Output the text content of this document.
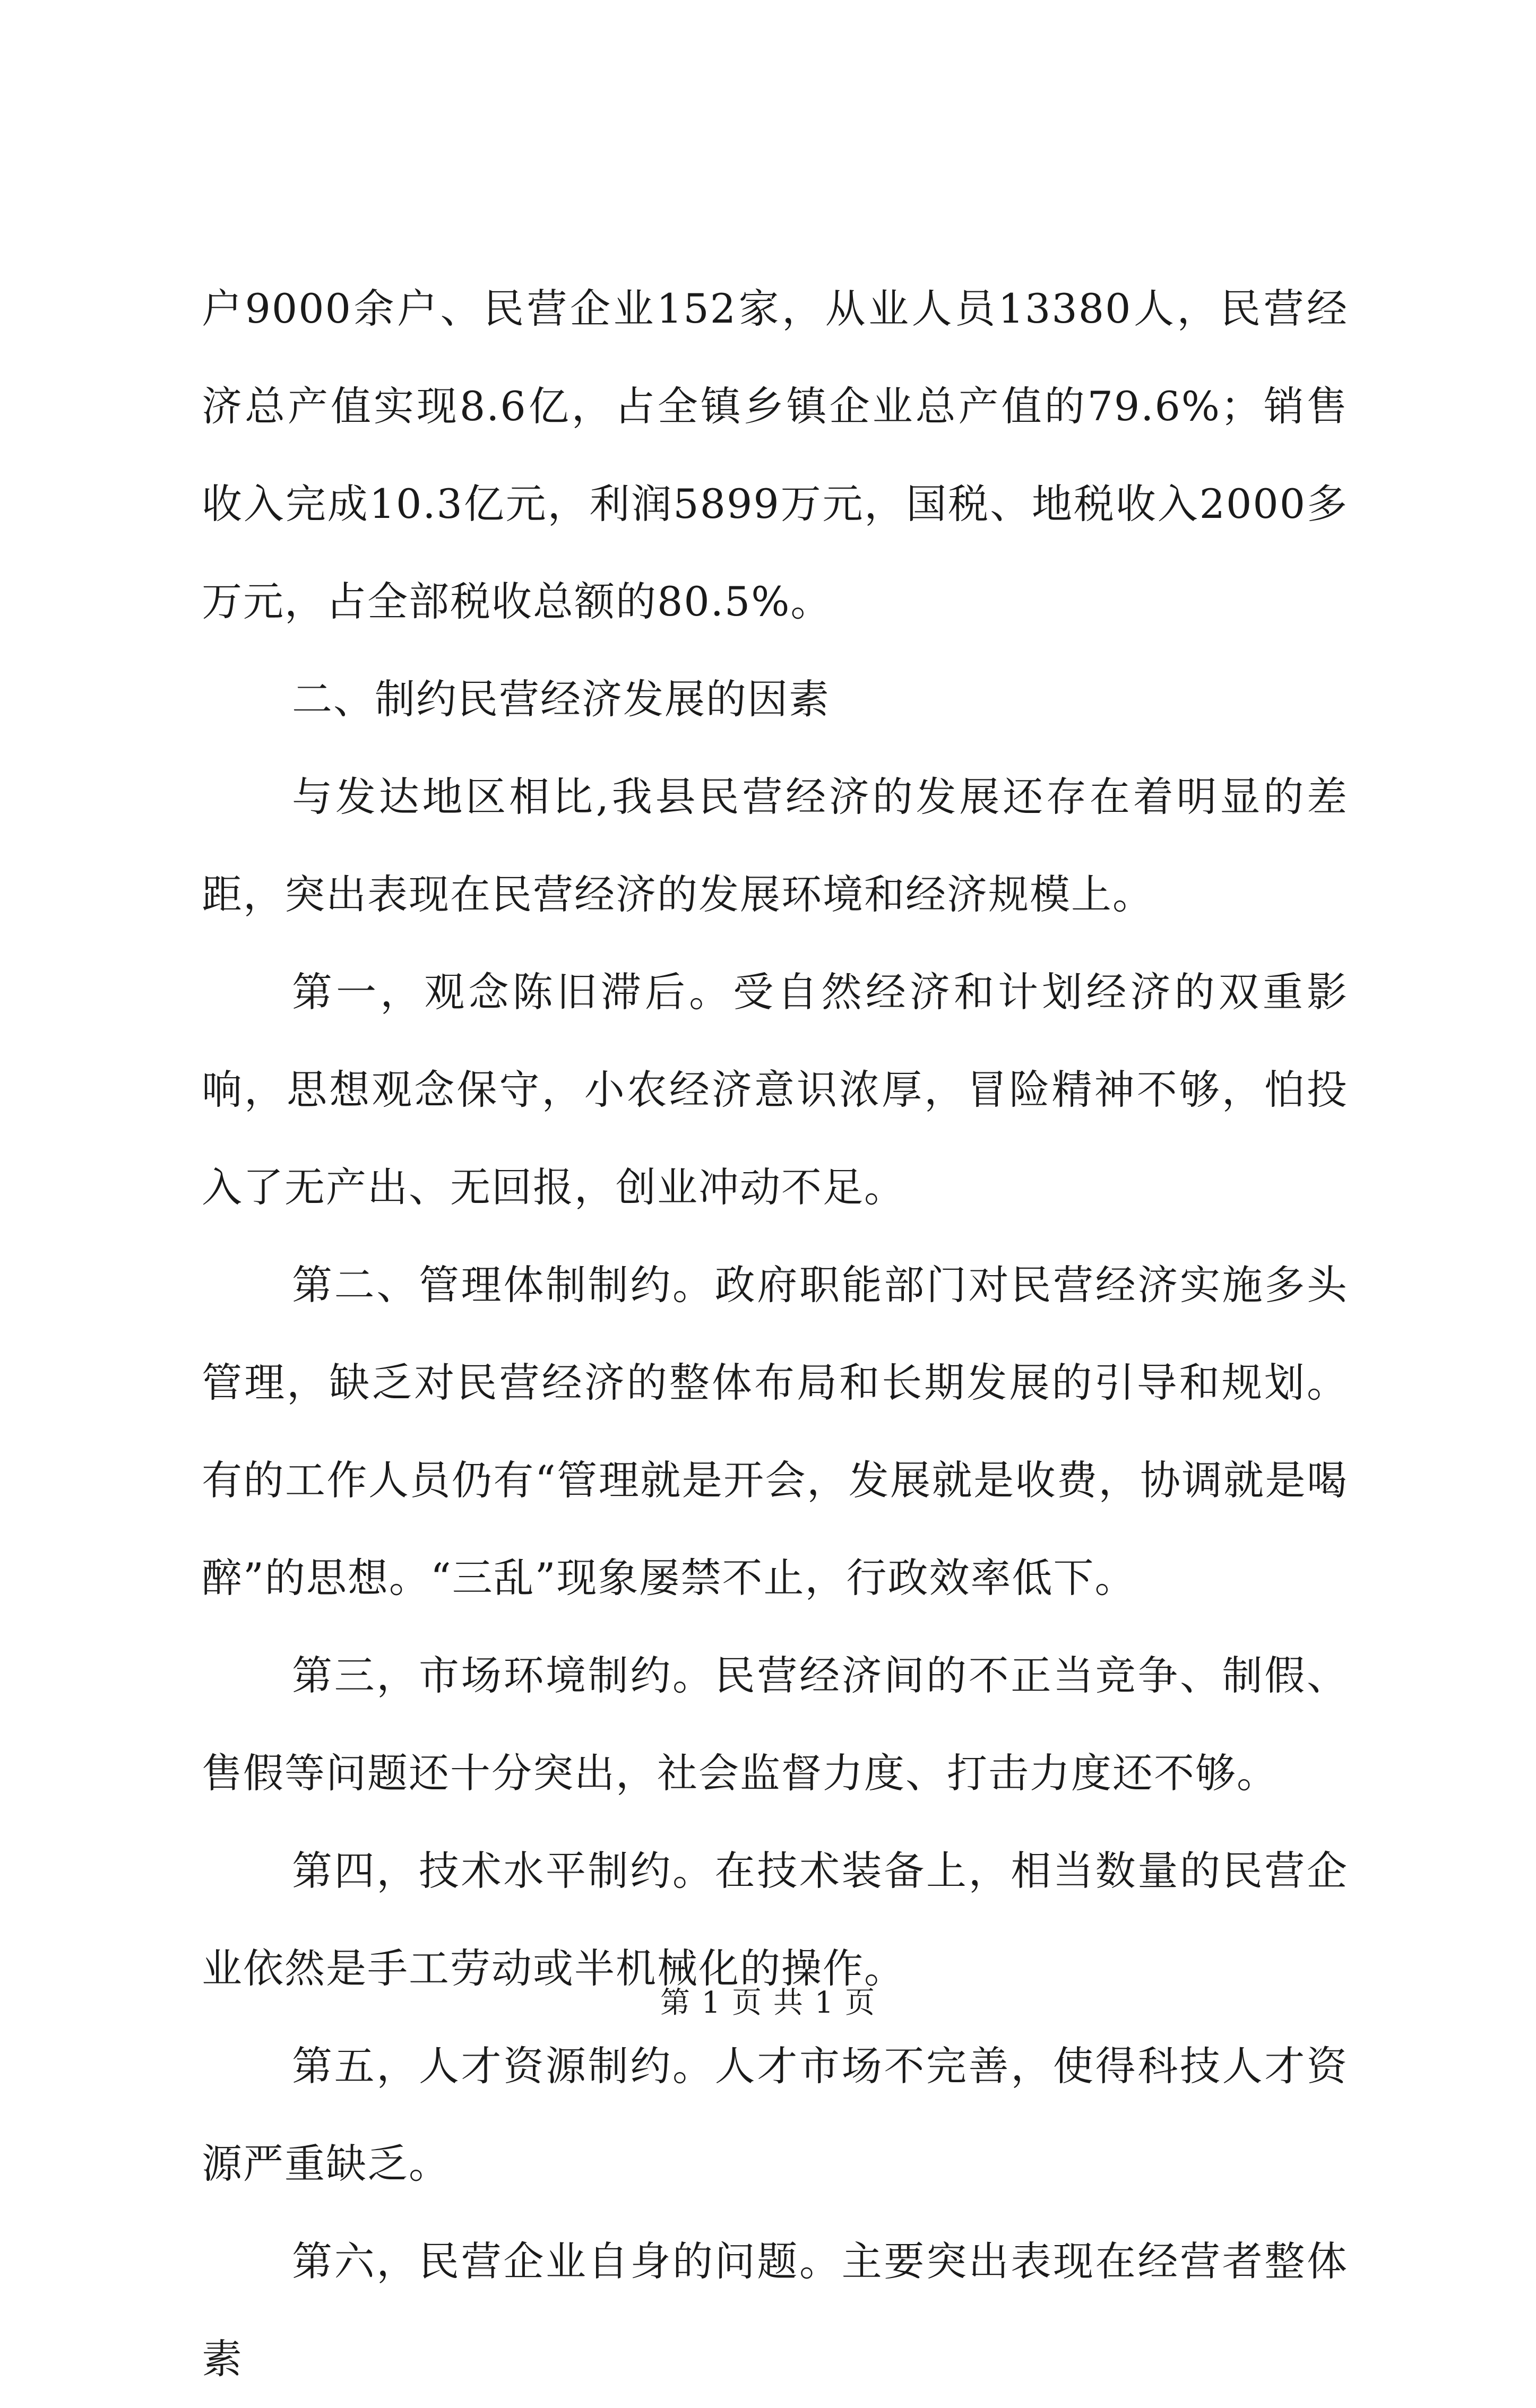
户9000余户、民营企业152家，从业人员13380人，民营经济总产值实现8.6亿，占全镇乡镇企业总产值的79.6%；销售收入完成10.3亿元，利润5899万元，国税、地税收入2000多万元，占全部税收总额的80.5%。

二、制约民营经济发展的因素

与发达地区相比,我县民营经济的发展还存在着明显的差距，突出表现在民营经济的发展环境和经济规模上。

第一，观念陈旧滞后。受自然经济和计划经济的双重影响，思想观念保守，小农经济意识浓厚，冒险精神不够，怕投入了无产出、无回报，创业冲动不足。

第二、管理体制制约。政府职能部门对民营经济实施多头管理，缺乏对民营经济的整体布局和长期发展的引导和规划。有的工作人员仍有“管理就是开会，发展就是收费，协调就是喝醉”的思想。“三乱”现象屡禁不止，行政效率低下。

第三，市场环境制约。民营经济间的不正当竞争、制假、售假等问题还十分突出，社会监督力度、打击力度还不够。

第四，技术水平制约。在技术装备上，相当数量的民营企业依然是手工劳动或半机械化的操作。

第五，人才资源制约。人才市场不完善，使得科技人才资源严重缺乏。

第六，民营企业自身的问题。主要突出表现在经营者整体素

第 1 页 共 1 页
